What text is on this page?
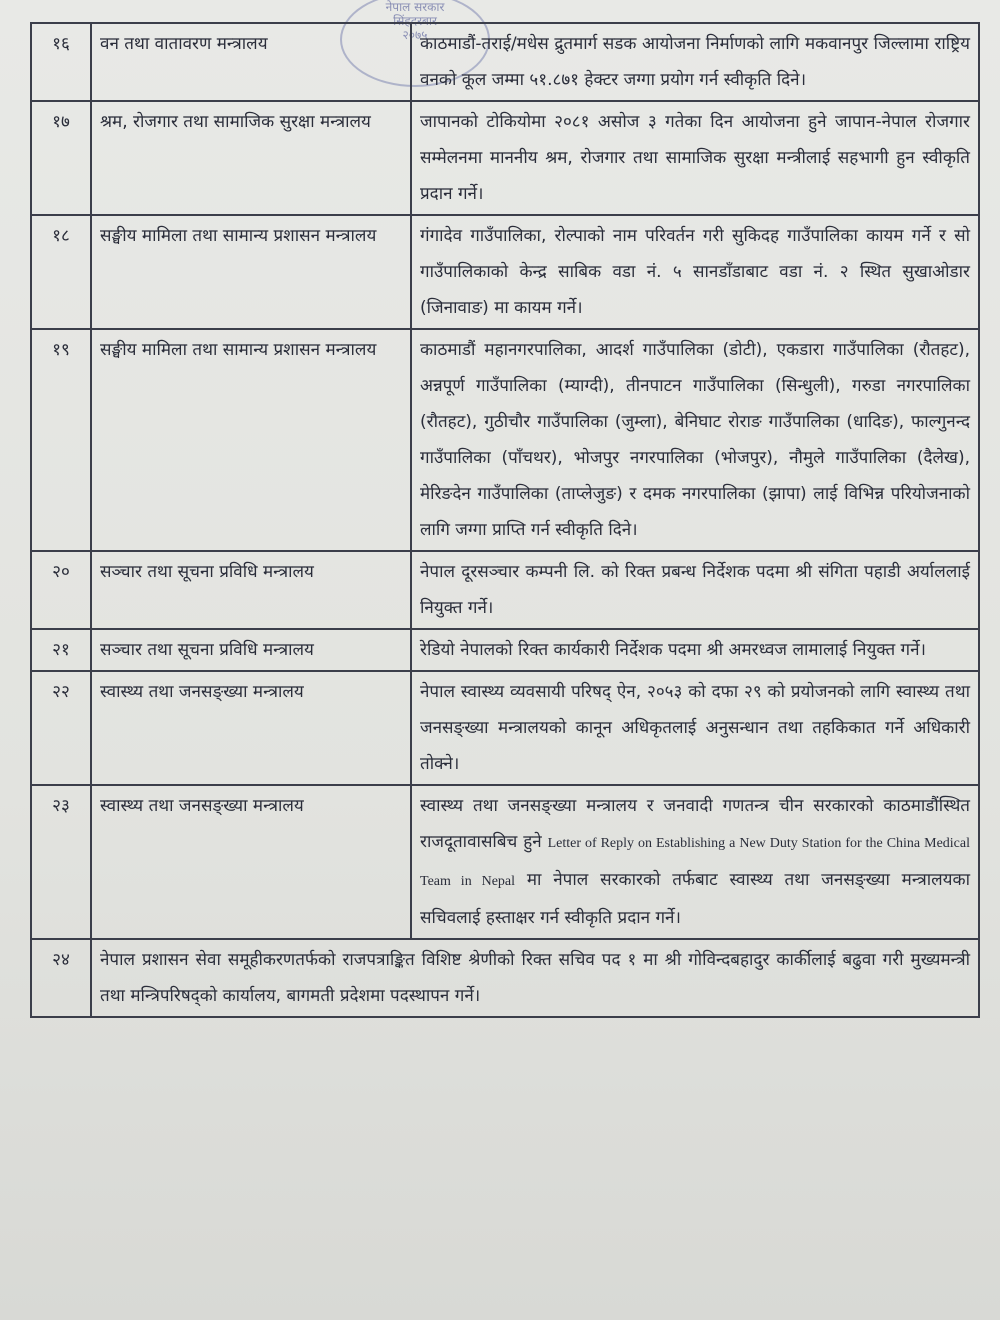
नेपाल सरकार
सिंहदरबार
२०७५
१६	वन तथा वातावरण मन्त्रालय	काठमाडौं-तराई/मधेस द्रुतमार्ग सडक आयोजना निर्माणको लागि मकवानपुर जिल्लामा राष्ट्रिय वनको कूल जम्मा ५१.८७१ हेक्टर जग्गा प्रयोग गर्न स्वीकृति दिने।
१७	श्रम, रोजगार तथा सामाजिक सुरक्षा मन्त्रालय	जापानको टोकियोमा २०८१ असोज ३ गतेका दिन आयोजना हुने जापान-नेपाल रोजगार सम्मेलनमा माननीय श्रम, रोजगार तथा सामाजिक सुरक्षा मन्त्रीलाई सहभागी हुन स्वीकृति प्रदान गर्ने।
१८	सङ्घीय मामिला तथा सामान्य प्रशासन मन्त्रालय	गंगादेव गाउँपालिका, रोल्पाको नाम परिवर्तन गरी सुकिदह गाउँपालिका कायम गर्ने र सो गाउँपालिकाको केन्द्र साबिक वडा नं. ५ सानडाँडाबाट वडा नं. २ स्थित सुखाओडार (जिनावाङ) मा कायम गर्ने।
१९	सङ्घीय मामिला तथा सामान्य प्रशासन मन्त्रालय	काठमाडौं महानगरपालिका, आदर्श गाउँपालिका (डोटी), एकडारा गाउँपालिका (रौतहट), अन्नपूर्ण गाउँपालिका (म्याग्दी), तीनपाटन गाउँपालिका (सिन्धुली), गरुडा नगरपालिका (रौतहट), गुठीचौर गाउँपालिका (जुम्ला), बेनिघाट रोराङ गाउँपालिका (धादिङ), फाल्गुनन्द गाउँपालिका (पाँचथर), भोजपुर नगरपालिका (भोजपुर), नौमुले गाउँपालिका (दैलेख), मेरिङदेन गाउँपालिका (ताप्लेजुङ) र दमक नगरपालिका (झापा) लाई विभिन्न परियोजनाको लागि जग्गा प्राप्ति गर्न स्वीकृति दिने।
२०	सञ्चार तथा सूचना प्रविधि मन्त्रालय	नेपाल दूरसञ्चार कम्पनी लि. को रिक्त प्रबन्ध निर्देशक पदमा श्री संगिता पहाडी अर्याललाई नियुक्त गर्ने।
२१	सञ्चार तथा सूचना प्रविधि मन्त्रालय	रेडियो नेपालको रिक्त कार्यकारी निर्देशक पदमा श्री अमरध्वज लामालाई नियुक्त गर्ने।
२२	स्वास्थ्य तथा जनसङ्ख्या मन्त्रालय	नेपाल स्वास्थ्य व्यवसायी परिषद् ऐन, २०५३ को दफा २९ को प्रयोजनको लागि स्वास्थ्य तथा जनसङ्ख्या मन्त्रालयको कानून अधिकृतलाई अनुसन्धान तथा तहकिकात गर्ने अधिकारी तोक्ने।
२३	स्वास्थ्य तथा जनसङ्ख्या मन्त्रालय	स्वास्थ्य तथा जनसङ्ख्या मन्त्रालय र जनवादी गणतन्त्र चीन सरकारको काठमाडौंस्थित राजदूतावासबिच हुने Letter of Reply on Establishing a New Duty Station for the China Medical Team in Nepal मा नेपाल सरकारको तर्फबाट स्वास्थ्य तथा जनसङ्ख्या मन्त्रालयका सचिवलाई हस्ताक्षर गर्न स्वीकृति प्रदान गर्ने।
२४	नेपाल प्रशासन सेवा समूहीकरणतर्फको राजपत्राङ्कित विशिष्ट श्रेणीको रिक्त सचिव पद १ मा श्री गोविन्दबहादुर कार्कीलाई बढुवा गरी मुख्यमन्त्री तथा मन्त्रिपरिषद्को कार्यालय, बागमती प्रदेशमा पदस्थापन गर्ने।	
